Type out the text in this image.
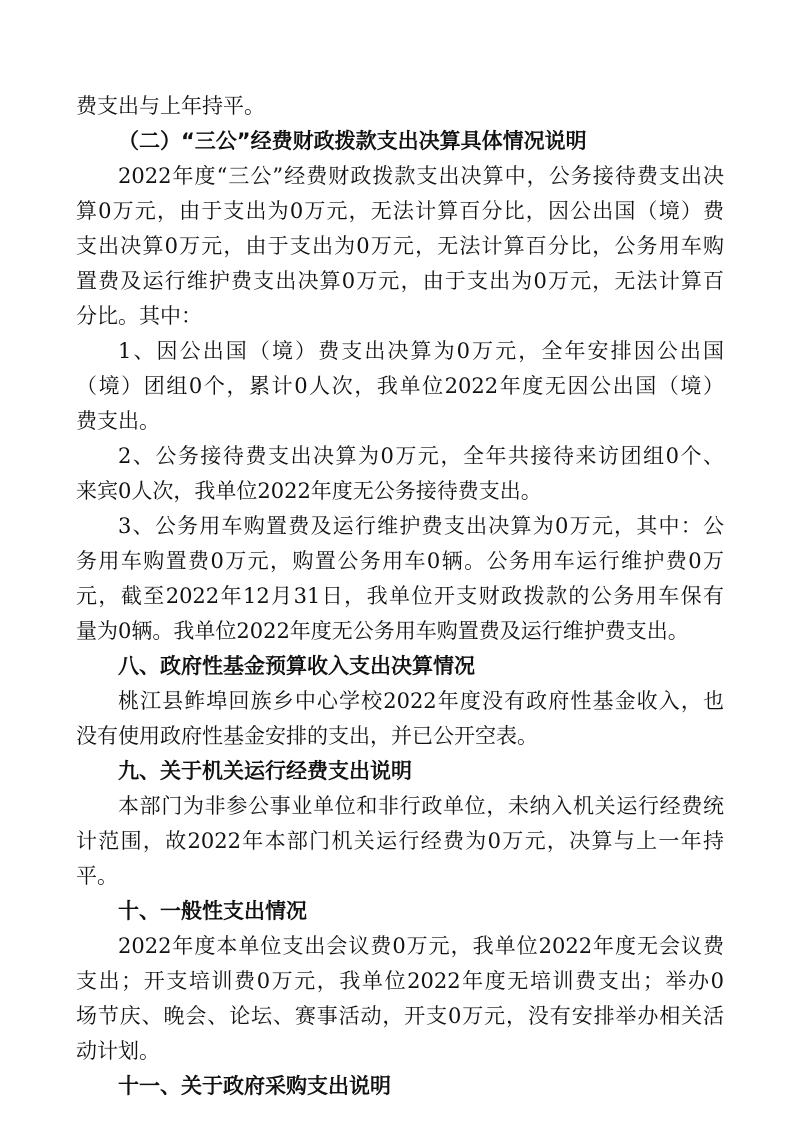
费支出与上年持平。
（二）“三公”经费财政拨款支出决算具体情况说明
2022年度“三公”经费财政拨款支出决算中，公务接待费支出决
算0万元，由于支出为0万元，无法计算百分比，因公出国（境）费
支出决算0万元，由于支出为0万元，无法计算百分比，公务用车购
置费及运行维护费支出决算0万元，由于支出为0万元，无法计算百
分比。其中：
1、因公出国（境）费支出决算为0万元，全年安排因公出国
（境）团组0个，累计0人次，我单位2022年度无因公出国（境）
费支出。
2、公务接待费支出决算为0万元，全年共接待来访团组0个、
来宾0人次，我单位2022年度无公务接待费支出。
3、公务用车购置费及运行维护费支出决算为0万元，其中：公
务用车购置费0万元，购置公务用车0辆。公务用车运行维护费0万
元，截至2022年12月31日，我单位开支财政拨款的公务用车保有
量为0辆。我单位2022年度无公务用车购置费及运行维护费支出。
八、政府性基金预算收入支出决算情况
桃江县鲊埠回族乡中心学校2022年度没有政府性基金收入，也
没有使用政府性基金安排的支出，并已公开空表。
九、关于机关运行经费支出说明
本部门为非参公事业单位和非行政单位，未纳入机关运行经费统
计范围，故2022年本部门机关运行经费为0万元，决算与上一年持
平。
十、一般性支出情况
2022年度本单位支出会议费0万元，我单位2022年度无会议费
支出；开支培训费0万元，我单位2022年度无培训费支出；举办0
场节庆、晚会、论坛、赛事活动，开支0万元，没有安排举办相关活
动计划。
十一、关于政府采购支出说明
